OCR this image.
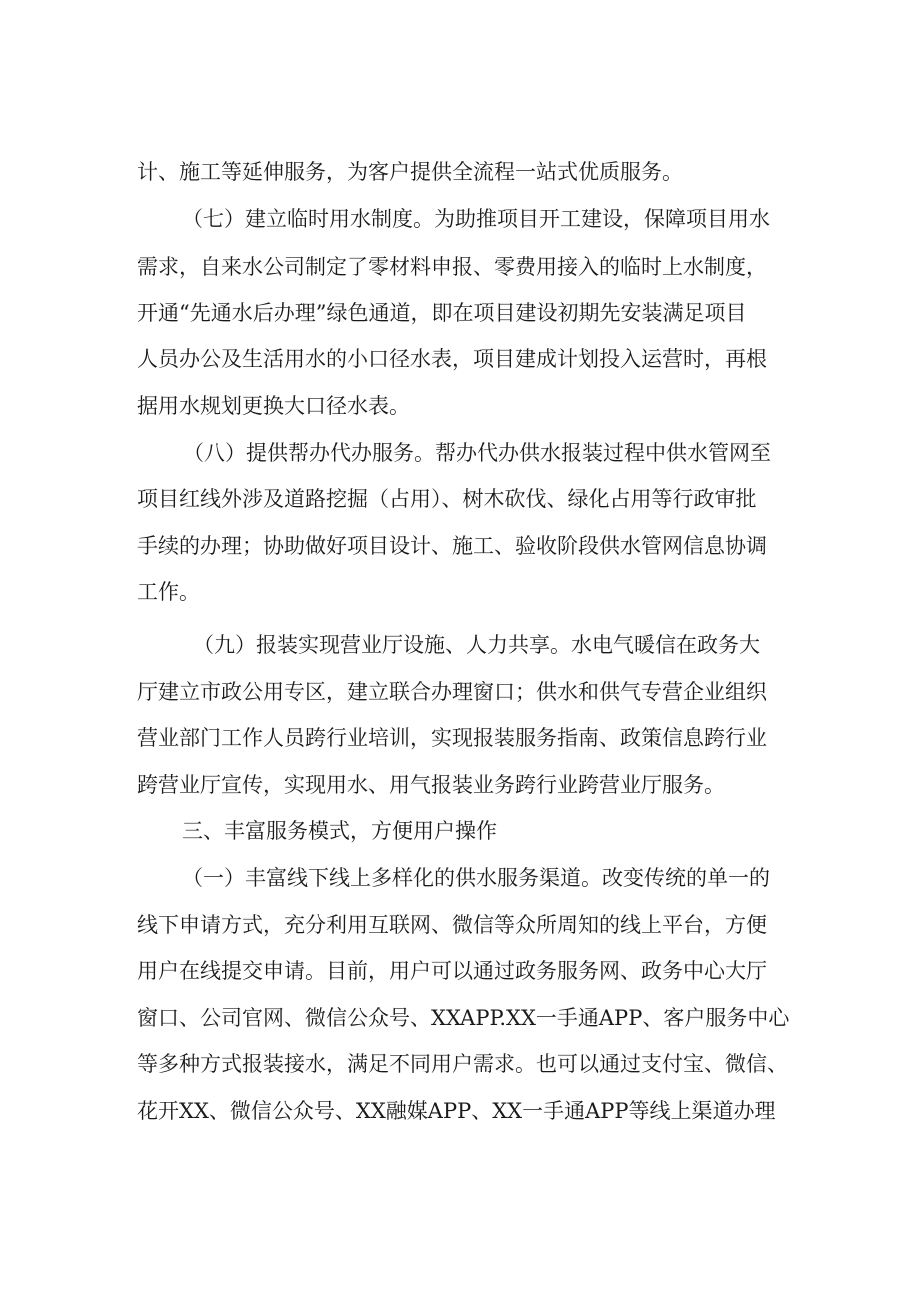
计、施工等延伸服务，为客户提供全流程一站式优质服务。
（七）建立临时用水制度。为助推项目开工建设，保障项目用水
需求，自来水公司制定了零材料申报、零费用接入的临时上水制度，
开通“先通水后办理”绿色通道，即在项目建设初期先安装满足项目
人员办公及生活用水的小口径水表，项目建成计划投入运营时，再根
据用水规划更换大口径水表。
（八）提供帮办代办服务。帮办代办供水报装过程中供水管网至
项目红线外涉及道路挖掘（占用）、树木砍伐、绿化占用等行政审批
手续的办理；协助做好项目设计、施工、验收阶段供水管网信息协调
工作。
（九）报装实现营业厅设施、人力共享。水电气暖信在政务大
厅建立市政公用专区，建立联合办理窗口；供水和供气专营企业组织
营业部门工作人员跨行业培训，实现报装服务指南、政策信息跨行业
跨营业厅宣传，实现用水、用气报装业务跨行业跨营业厅服务。
三、丰富服务模式，方便用户操作
（一）丰富线下线上多样化的供水服务渠道。改变传统的单一的
线下申请方式，充分利用互联网、微信等众所周知的线上平台，方便
用户在线提交申请。目前，用户可以通过政务服务网、政务中心大厅
窗口、公司官网、微信公众号、XXAPP.XX一手通APP、客户服务中心
等多种方式报装接水，满足不同用户需求。也可以通过支付宝、微信、
花开XX、微信公众号、XX融媒APP、XX一手通APP等线上渠道办理
